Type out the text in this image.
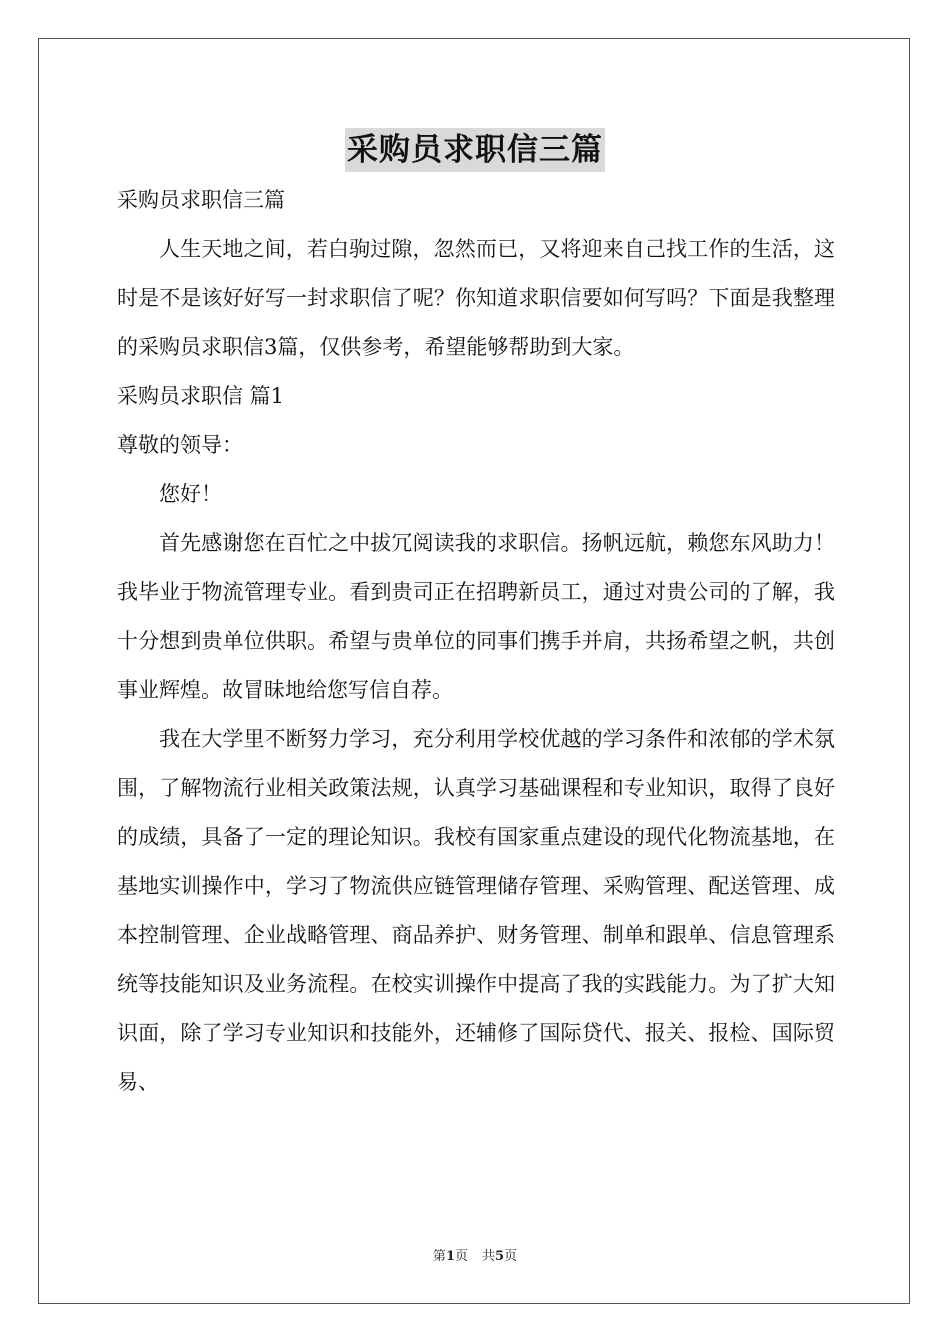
采购员求职信三篇

采购员求职信三篇

人生天地之间，若白驹过隙，忽然而已，又将迎来自己找工作的生活，这时是不是该好好写一封求职信了呢？你知道求职信要如何写吗？下面是我整理的采购员求职信3篇，仅供参考，希望能够帮助到大家。

采购员求职信 篇1

尊敬的领导：

您好！

首先感谢您在百忙之中拔冗阅读我的求职信。扬帆远航，赖您东风助力！我毕业于物流管理专业。看到贵司正在招聘新员工，通过对贵公司的了解，我十分想到贵单位供职。希望与贵单位的同事们携手并肩，共扬希望之帆，共创事业辉煌。故冒昧地给您写信自荐。

我在大学里不断努力学习，充分利用学校优越的学习条件和浓郁的学术氛围，了解物流行业相关政策法规，认真学习基础课程和专业知识，取得了良好的成绩，具备了一定的理论知识。我校有国家重点建设的现代化物流基地，在基地实训操作中，学习了物流供应链管理储存管理、采购管理、配送管理、成本控制管理、企业战略管理、商品养护、财务管理、制单和跟单、信息管理系统等技能知识及业务流程。在校实训操作中提高了我的实践能力。为了扩大知识面，除了学习专业知识和技能外，还辅修了国际贷代、报关、报检、国际贸易、

第1页 共5页
